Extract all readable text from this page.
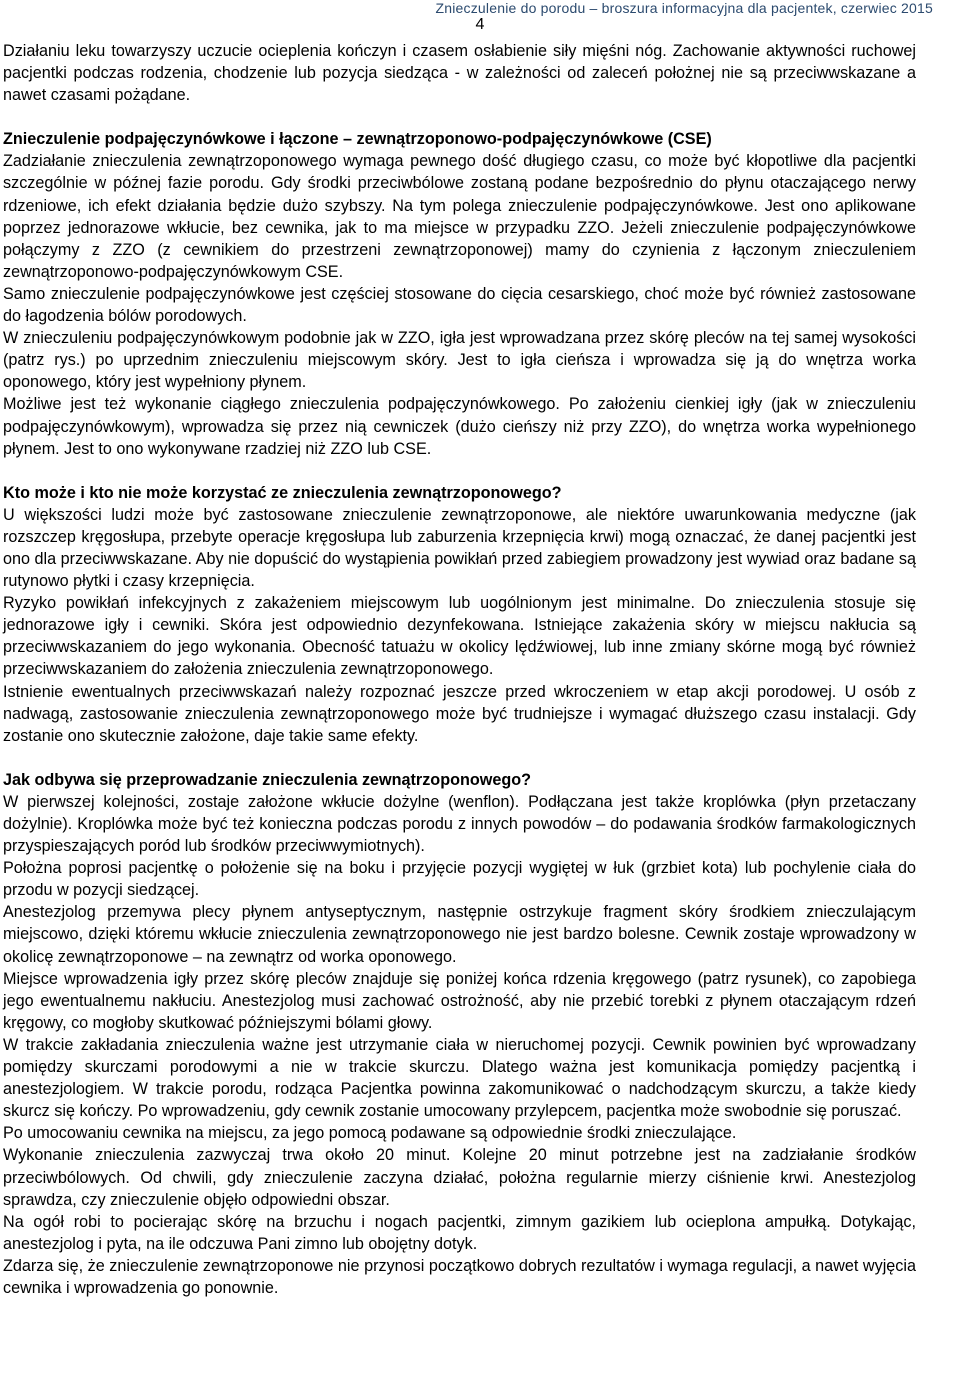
Znieczulenie do porodu – broszura informacyjna dla pacjentek, czerwiec 2015
4

Działaniu leku towarzyszy uczucie ocieplenia kończyn i czasem osłabienie siły mięśni nóg. Zachowanie aktywności ruchowej pacjentki podczas rodzenia, chodzenie lub pozycja siedząca - w zależności od zaleceń położnej nie są przeciwwskazane a nawet czasami pożądane.

Znieczulenie podpajęczynówkowe i łączone – zewnątrzoponowo-podpajęczynówkowe (CSE)

Zadziałanie znieczulenia zewnątrzoponowego wymaga pewnego dość długiego czasu, co może być kłopotliwe dla pacjentki szczególnie w późnej fazie porodu. Gdy środki przeciwbólowe zostaną podane bezpośrednio do płynu otaczającego nerwy rdzeniowe, ich efekt działania będzie dużo szybszy. Na tym polega znieczulenie podpajęczynówkowe. Jest ono aplikowane poprzez jednorazowe wkłucie, bez cewnika, jak to ma miejsce w przypadku ZZO. Jeżeli znieczulenie podpajęczynówkowe połączymy z ZZO (z cewnikiem do przestrzeni zewnątrzoponowej) mamy do czynienia z łączonym znieczuleniem zewnątrzoponowo-podpajęczynówkowym CSE.

Samo znieczulenie podpajęczynówkowe jest częściej stosowane do cięcia cesarskiego, choć może być również zastosowane do łagodzenia bólów porodowych.

W znieczuleniu podpajęczynówkowym podobnie jak w ZZO, igła jest wprowadzana przez skórę pleców na tej samej wysokości (patrz rys.) po uprzednim znieczuleniu miejscowym skóry. Jest to igła cieńsza i wprowadza się ją do wnętrza worka oponowego, który jest wypełniony płynem.

Możliwe jest też wykonanie ciągłego znieczulenia podpajęczynówkowego. Po założeniu cienkiej igły (jak w znieczuleniu podpajęczynówkowym), wprowadza się przez nią cewniczek (dużo cieńszy niż przy ZZO), do wnętrza worka wypełnionego płynem. Jest to ono wykonywane rzadziej niż ZZO lub CSE.

Kto może i kto nie może korzystać ze znieczulenia zewnątrzoponowego?

U większości ludzi może być zastosowane znieczulenie zewnątrzoponowe, ale niektóre uwarunkowania medyczne (jak rozszczep kręgosłupa, przebyte operacje kręgosłupa lub zaburzenia krzepnięcia krwi) mogą oznaczać, że danej pacjentki jest ono dla przeciwwskazane. Aby nie dopuścić do wystąpienia powikłań przed zabiegiem prowadzony jest wywiad oraz badane są rutynowo płytki i czasy krzepnięcia.

Ryzyko powikłań infekcyjnych z zakażeniem miejscowym lub uogólnionym jest minimalne. Do znieczulenia stosuje się jednorazowe igły i cewniki. Skóra jest odpowiednio dezynfekowana. Istniejące zakażenia skóry w miejscu nakłucia są przeciwwskazaniem do jego wykonania. Obecność tatuażu w okolicy lędźwiowej, lub inne zmiany skórne mogą być również przeciwwskazaniem do założenia znieczulenia zewnątrzoponowego.

Istnienie ewentualnych przeciwwskazań należy rozpoznać jeszcze przed wkroczeniem w etap akcji porodowej. U osób z nadwagą, zastosowanie znieczulenia zewnątrzoponowego może być trudniejsze i wymagać dłuższego czasu instalacji. Gdy zostanie ono skutecznie założone, daje takie same efekty.

Jak odbywa się przeprowadzanie znieczulenia zewnątrzoponowego?

W pierwszej kolejności, zostaje założone wkłucie dożylne (wenflon). Podłączana jest także kroplówka (płyn przetaczany dożylnie). Kroplówka może być też konieczna podczas porodu z innych powodów – do podawania środków farmakologicznych przyspieszających poród lub środków przeciwwymiotnych).

Położna poprosi pacjentkę o położenie się na boku i przyjęcie pozycji wygiętej w łuk (grzbiet kota) lub pochylenie ciała do przodu w pozycji siedzącej.

Anestezjolog przemywa plecy płynem antyseptycznym, następnie ostrzykuje fragment skóry środkiem znieczulającym miejscowo, dzięki któremu wkłucie znieczulenia zewnątrzoponowego nie jest bardzo bolesne. Cewnik zostaje wprowadzony w okolicę zewnątrzoponowe – na zewnątrz od worka oponowego.

Miejsce wprowadzenia igły przez skórę pleców znajduje się poniżej końca rdzenia kręgowego (patrz rysunek), co zapobiega jego ewentualnemu nakłuciu. Anestezjolog musi zachować ostrożność, aby nie przebić torebki z płynem otaczającym rdzeń kręgowy, co mogłoby skutkować późniejszymi bólami głowy.

W trakcie zakładania znieczulenia ważne jest utrzymanie ciała w nieruchomej pozycji. Cewnik powinien być wprowadzany pomiędzy skurczami porodowymi a nie w trakcie skurczu. Dlatego ważna jest komunikacja pomiędzy pacjentką i anestezjologiem. W trakcie porodu, rodząca Pacjentka powinna zakomunikować o nadchodzącym skurczu, a także kiedy skurcz się kończy. Po wprowadzeniu, gdy cewnik zostanie umocowany przylepcem, pacjentka może swobodnie się poruszać.

Po umocowaniu cewnika na miejscu, za jego pomocą podawane są odpowiednie środki znieczulające.

Wykonanie znieczulenia zazwyczaj trwa około 20 minut. Kolejne 20 minut potrzebne jest na zadziałanie środków przeciwbólowych. Od chwili, gdy znieczulenie zaczyna działać, położna regularnie mierzy ciśnienie krwi. Anestezjolog sprawdza, czy znieczulenie objęło odpowiedni obszar.

Na ogół robi to pocierając skórę na brzuchu i nogach pacjentki, zimnym gazikiem lub ocieplona ampułką. Dotykając, anestezjolog i pyta, na ile odczuwa Pani zimno lub obojętny dotyk.

Zdarza się, że znieczulenie zewnątrzoponowe nie przynosi początkowo dobrych rezultatów i wymaga regulacji, a nawet wyjęcia cewnika i wprowadzenia go ponownie.
